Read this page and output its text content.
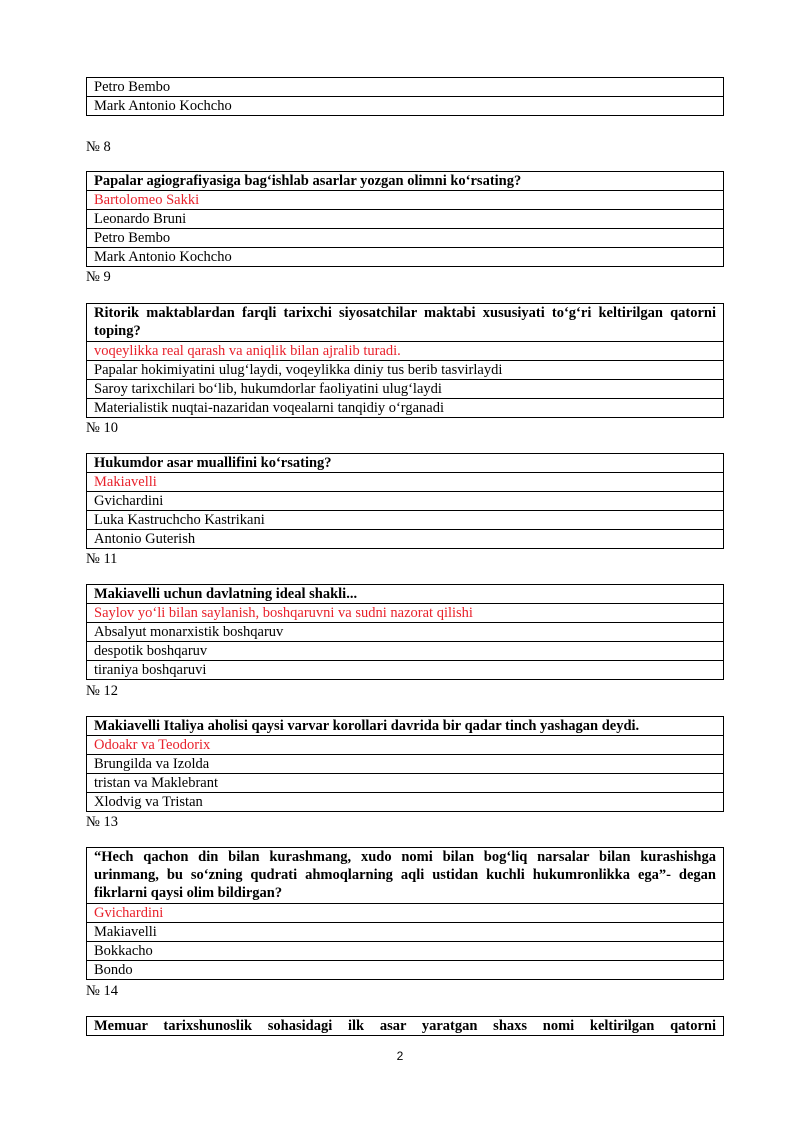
Petro Bembo
Mark Antonio Kochcho
№ 8
Papalar agiografiyasiga bag‘ishlab asarlar yozgan olimni ko‘rsating?
Bartolomeo Sakki
Leonardo Bruni
Petro Bembo
Mark Antonio Kochcho
№ 9
Ritorik maktablardan farqli tarixchi siyosatchilar maktabi xususiyati to‘g‘ri keltirilgan qatorni toping?
voqeylikka real qarash va aniqlik bilan ajralib turadi.
Papalar hokimiyatini ulug‘laydi, voqeylikka diniy tus berib tasvirlaydi
Saroy tarixchilari bo‘lib, hukumdorlar faoliyatini ulug‘laydi
Materialistik nuqtai-nazaridan voqealarni tanqidiy o‘rganadi
№ 10
Hukumdor asar muallifini ko‘rsating?
Makiavelli
Gvichardini
Luka Kastruchcho Kastrikani
Antonio Guterish
№ 11
Makiavelli uchun davlatning ideal shakli...
Saylov yo‘li bilan saylanish, boshqaruvni va sudni nazorat qilishi
Absalyut monarxistik boshqaruv
despotik boshqaruv
tiraniya boshqaruvi
№ 12
Makiavelli Italiya aholisi qaysi varvar korollari davrida bir qadar tinch yashagan deydi.
Odoakr va Teodorix
Brungilda va Izolda
tristan va Maklebrant
Xlodvig va Tristan
№ 13
“Hech qachon din bilan kurashmang, xudo nomi bilan bog‘liq narsalar bilan kurashishga urinmang, bu so‘zning qudrati ahmoqlarning aqli ustidan kuchli hukumronlikka ega”- degan fikrlarni qaysi olim bildirgan?
Gvichardini
Makiavelli
Bokkacho
Bondo
№ 14
Memuar tarixshunoslik sohasidagi ilk asar yaratgan shaxs nomi keltirilgan qatorni
2
